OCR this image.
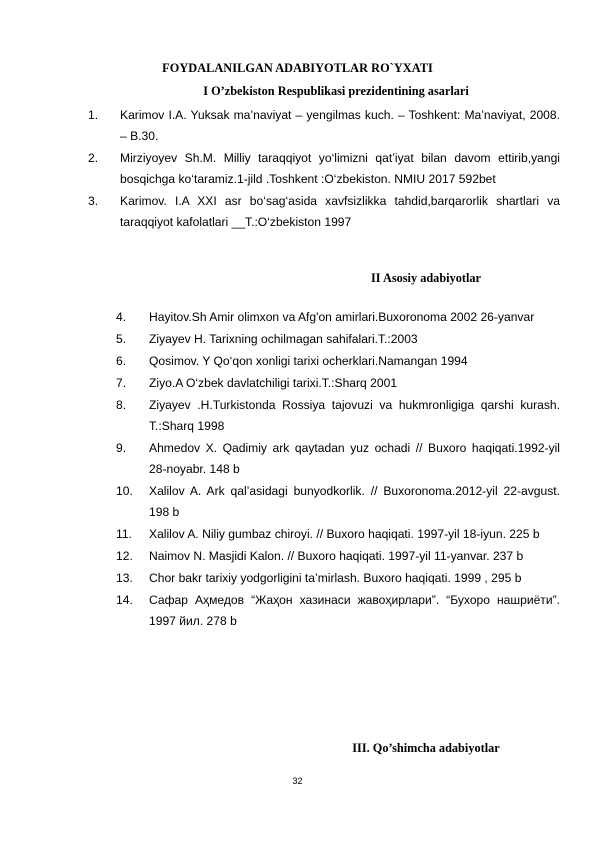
FOYDALANILGAN ADABIYOTLAR RO`YXATI
I O’zbekiston Respublikasi prezidentining asarlari
1. Karimov I.A. Yuksak ma’naviyat – yengilmas kuch. – Toshkent: Ma’naviyat, 2008. – B.30.
2. Mirziyoyev Sh.M. Milliy taraqqiyot yo‘limizni qat’iyat bilan davom ettirib,yangi bosqichga ko‘taramiz.1-jild .Toshkent :O‘zbekiston. NMIU 2017 592bet
3. Karimov. I.A XXI asr bo‘sag‘asida xavfsizlikka tahdid,barqarorlik shartlari va taraqqiyot kafolatlari __T.:O‘zbekiston 1997
II Asosiy adabiyotlar
4. Hayitov.Sh Amir olimxon va Afg'on amirlari.Buxoronoma 2002 26-yanvar
5. Ziyayev H. Tarixning ochilmagan sahifalari.T.:2003
6. Qosimov. Y Qo‘qon xonligi tarixi ocherklari.Namangan 1994
7. Ziyo.A O‘zbek davlatchiligi tarixi.T.:Sharq 2001
8. Ziyayev .H.Turkistonda Rossiya tajovuzi va hukmronligiga qarshi kurash. T.:Sharq 1998
9. Ahmedov X. Qadimiy ark qaytadan yuz ochadi // Buxoro haqiqati.1992-yil 28-noyabr. 148 b
10. Xalilov A. Ark qal’asidagi bunyodkorlik. // Buxoronoma.2012-yil 22-avgust. 198 b
11. Xalilov A. Niliy gumbaz chiroyi. // Buxoro haqiqati. 1997-yil 18-iyun. 225 b
12. Naimov N. Masjidi Kalon. // Buxoro haqiqati. 1997-yil 11-yanvar. 237 b
13. Chor bakr tarixiy yodgorligini ta’mirlash. Buxoro haqiqati. 1999 , 295 b
14. Сафар Аҳмедов “Жаҳон хазинаси жавоҳирлари”. “Бухоро нашриёти”. 1997 йил. 278 b
III. Qo’shimcha adabiyotlar
32
